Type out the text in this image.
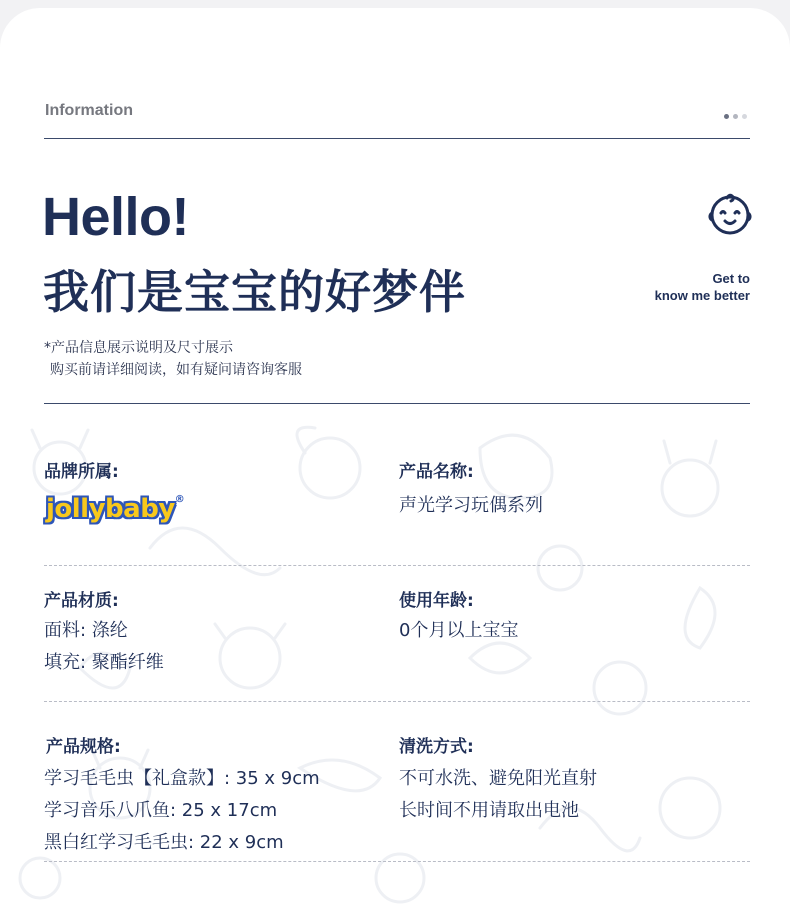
Information
Hello!
我们是宝宝的好梦伴	Get to
know me better
*产品信息展示说明及尺寸展示
购买前请详细阅读，如有疑问请咨询客服
品牌所属:
jollybaby®
产品名称:
声光学习玩偶系列
产品材质:
面料: 涤纶
填充: 聚酯纤维
使用年龄:
0个月以上宝宝
产品规格:
学习毛毛虫【礼盒款】: 35 x 9cm
学习音乐八爪鱼: 25 x 17cm
黑白红学习毛毛虫: 22 x 9cm
清洗方式:
不可水洗、避免阳光直射
长时间不用请取出电池
